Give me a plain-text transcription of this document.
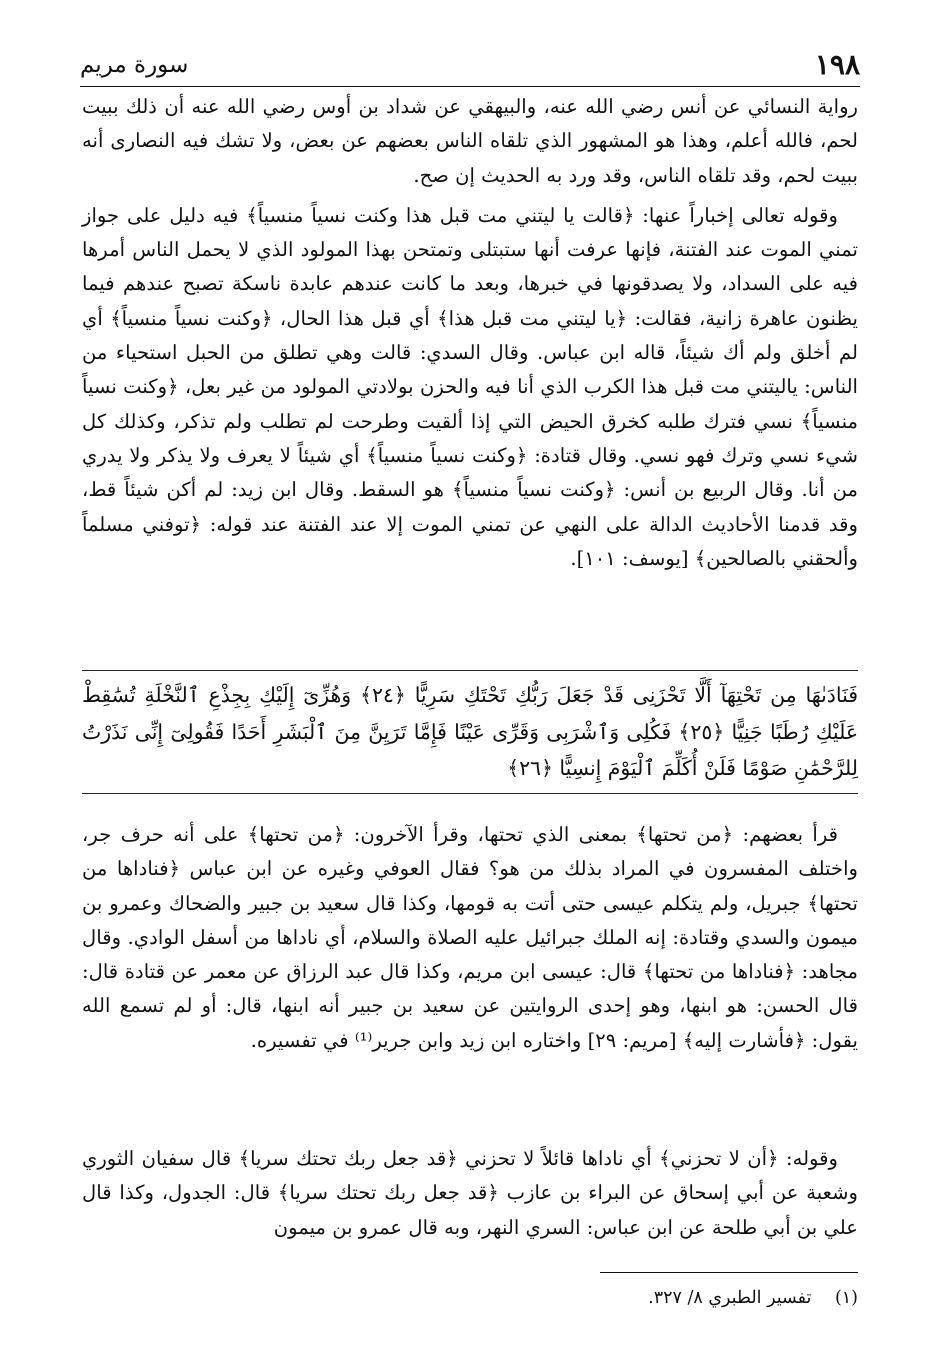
١٩٨
سورة مريم

رواية النسائي عن أنس رضي الله عنه، والبيهقي عن شداد بن أوس رضي الله عنه أن ذلك ببيت لحم، فالله أعلم، وهذا هو المشهور الذي تلقاه الناس بعضهم عن بعض، ولا تشك فيه النصارى أنه ببيت لحم، وقد تلقاه الناس، وقد ورد به الحديث إن صح.

وقوله تعالى إخباراً عنها: ﴿قالت يا ليتني مت قبل هذا وكنت نسياً منسياً﴾ فيه دليل على جواز تمني الموت عند الفتنة، فإنها عرفت أنها ستبتلى وتمتحن بهذا المولود الذي لا يحمل الناس أمرها فيه على السداد، ولا يصدقونها في خبرها، وبعد ما كانت عندهم عابدة ناسكة تصبح عندهم فيما يظنون عاهرة زانية، فقالت: ﴿يا ليتني مت قبل هذا﴾ أي قبل هذا الحال، ﴿وكنت نسياً منسياً﴾ أي لم أخلق ولم أك شيئاً، قاله ابن عباس. وقال السدي: قالت وهي تطلق من الحبل استحياء من الناس: ياليتني مت قبل هذا الكرب الذي أنا فيه والحزن بولادتي المولود من غير بعل، ﴿وكنت نسياً منسياً﴾ نسي فترك طلبه كخرق الحيض التي إذا ألقيت وطرحت لم تطلب ولم تذكر، وكذلك كل شيء نسي وترك فهو نسي. وقال قتادة: ﴿وكنت نسياً منسياً﴾ أي شيئاً لا يعرف ولا يذكر ولا يدري من أنا. وقال الربيع بن أنس: ﴿وكنت نسياً منسياً﴾ هو السقط. وقال ابن زيد: لم أكن شيئاً قط، وقد قدمنا الأحاديث الدالة على النهي عن تمني الموت إلا عند الفتنة عند قوله: ﴿توفني مسلماً وألحقني بالصالحين﴾ [يوسف: ١٠١].

فَنَادَىٰهَا مِن تَحْتِهَآ أَلَّا تَحْزَنِى قَدْ جَعَلَ رَبُّكِ تَحْتَكِ سَرِيًّا ﴿٢٤﴾ وَهُزِّىٓ إِلَيْكِ بِجِذْعِ ٱلنَّخْلَةِ تُسَٰقِطْ عَلَيْكِ رُطَبًا جَنِيًّا ﴿٢٥﴾ فَكُلِى وَٱشْرَبِى وَقَرِّى عَيْنًا فَإِمَّا تَرَيِنَّ مِنَ ٱلْبَشَرِ أَحَدًا فَقُولِىٓ إِنِّى نَذَرْتُ لِلرَّحْمَٰنِ صَوْمًا فَلَنْ أُكَلِّمَ ٱلْيَوْمَ إِنسِيًّا ﴿٢٦﴾

قرأ بعضهم: ﴿من تحتها﴾ بمعنى الذي تحتها، وقرأ الآخرون: ﴿من تحتها﴾ على أنه حرف جر، واختلف المفسرون في المراد بذلك من هو؟ فقال العوفي وغيره عن ابن عباس ﴿فناداها من تحتها﴾ جبريل، ولم يتكلم عيسى حتى أتت به قومها، وكذا قال سعيد بن جبير والضحاك وعمرو بن ميمون والسدي وقتادة: إنه الملك جبرائيل عليه الصلاة والسلام، أي ناداها من أسفل الوادي. وقال مجاهد: ﴿فناداها من تحتها﴾ قال: عيسى ابن مريم، وكذا قال عبد الرزاق عن معمر عن قتادة قال: قال الحسن: هو ابنها، وهو إحدى الروايتين عن سعيد بن جبير أنه ابنها، قال: أو لم تسمع الله يقول: ﴿فأشارت إليه﴾ [مريم: ٢٩] واختاره ابن زيد وابن جرير⁽¹⁾ في تفسيره.

وقوله: ﴿أن لا تحزني﴾ أي ناداها قائلاً لا تحزني ﴿قد جعل ربك تحتك سريا﴾ قال سفيان الثوري وشعبة عن أبي إسحاق عن البراء بن عازب ﴿قد جعل ربك تحتك سريا﴾ قال: الجدول، وكذا قال علي بن أبي طلحة عن ابن عباس: السري النهر، وبه قال عمرو بن ميمون

(١) تفسير الطبري ٨/ ٣٢٧.
